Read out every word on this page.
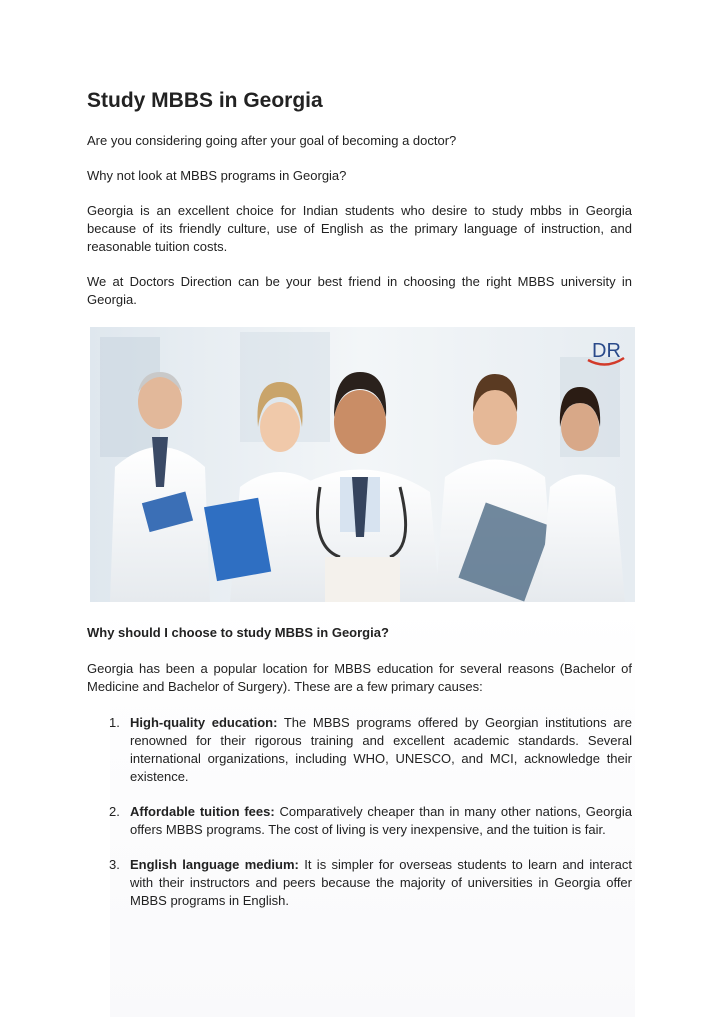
Study MBBS in Georgia

Are you considering going after your goal of becoming a doctor?

Why not look at MBBS programs in Georgia?

Georgia is an excellent choice for Indian students who desire to study mbbs in Georgia because of its friendly culture, use of English as the primary language of instruction, and reasonable tuition costs.

We at Doctors Direction can be your best friend in choosing the right MBBS university in Georgia.

DR

Why should I choose to study MBBS in Georgia?

Georgia has been a popular location for MBBS education for several reasons (Bachelor of Medicine and Bachelor of Surgery). These are a few primary causes:

1. High-quality education: The MBBS programs offered by Georgian institutions are renowned for their rigorous training and excellent academic standards. Several international organizations, including WHO, UNESCO, and MCI, acknowledge their existence.
2. Affordable tuition fees: Comparatively cheaper than in many other nations, Georgia offers MBBS programs. The cost of living is very inexpensive, and the tuition is fair.
3. English language medium: It is simpler for overseas students to learn and interact with their instructors and peers because the majority of universities in Georgia offer MBBS programs in English.
